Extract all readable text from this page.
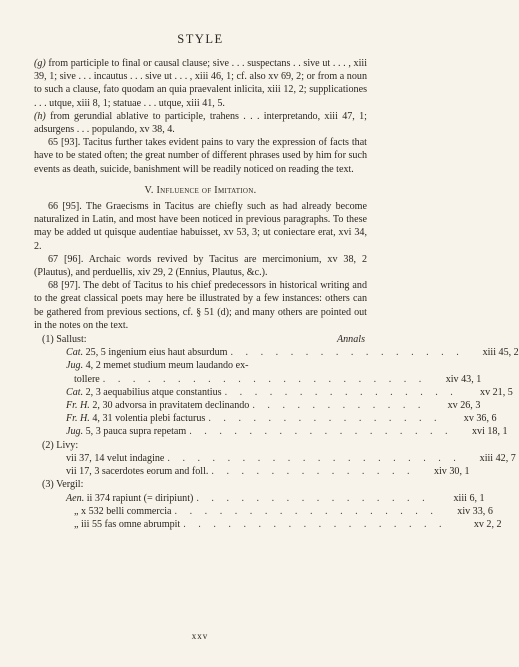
STYLE

(g) from participle to final or causal clause; sive . . . suspectans . . sive ut . . . , xiii 39, 1; sive . . . incautus . . . sive ut . . . , xiii 46, 1; cf. also xv 69, 2; or from a noun to such a clause, fato quodam an quia praevalent inlicita, xiii 12, 2; supplicationes . . . utque, xiii 8, 1; statuae . . . utque, xiii 41, 5.

(h) from gerundial ablative to participle, trahens . . . interpretando, xiii 47, 1; adsurgens . . . populando, xv 38, 4.

65 [93]. Tacitus further takes evident pains to vary the expression of facts that have to be stated often; the great number of different phrases used by him for such events as death, suicide, banishment will be readily noticed on reading the text.

V. Influence of Imitation.

66 [95]. The Graecisms in Tacitus are chiefly such as had already become naturalized in Latin, and most have been noticed in previous paragraphs. To these may be added ut quisque audentiae habuisset, xv 53, 3; ut coniectare erat, xvi 34, 2.

67 [96]. Archaic words revived by Tacitus are mercimonium, xv 38, 2 (Plautus), and perduellis, xiv 29, 2 (Ennius, Plautus, &c.).

68 [97]. The debt of Tacitus to his chief predecessors in historical writing and to the great classical poets may here be illustrated by a few instances: others can be gathered from previous sections, cf. § 51 (d); and many others are pointed out in the notes on the text.

(1) Sallust:	Annals
Cat. 25, 5 ingenium eius haut absurdum . . . . . . . . . . . . . . . .	xiii 45, 2
Jug. 4, 2 memet studium meum laudando ex-
tollere . . . . . . . . . . . . . . . . . . . . . .	xiv 43, 1
Cat. 2, 3 aequabilius atque constantius . . . . . . . . . . . . . . . .	xv 21, 5
Fr. H. 2, 30 advorsa in pravitatem declinando . . . . . . . . . . . .	xv 26, 3
Fr. H. 4, 31 volentia plebi facturus . . . . . . . . . . . . . . . .	xv 36, 6
Jug. 5, 3 pauca supra repetam . . . . . . . . . . . . . . . . . .	xvi 18, 1
(2) Livy:
vii 37, 14 velut indagine . . . . . . . . . . . . . . . . . . . .	xiii 42, 7
vii 17, 3 sacerdotes eorum and foll. . . . . . . . . . . . . . .	xiv 30, 1
(3) Vergil:
Aen. ii 374 rapiunt (= diripiunt) . . . . . . . . . . . . . . . .	xiii 6, 1
„ x 532 belli commercia . . . . . . . . . . . . . . . . . .	xiv 33, 6
„ iii 55 fas omne abrumpit . . . . . . . . . . . . . . . . . .	xv 2, 2
xxv
